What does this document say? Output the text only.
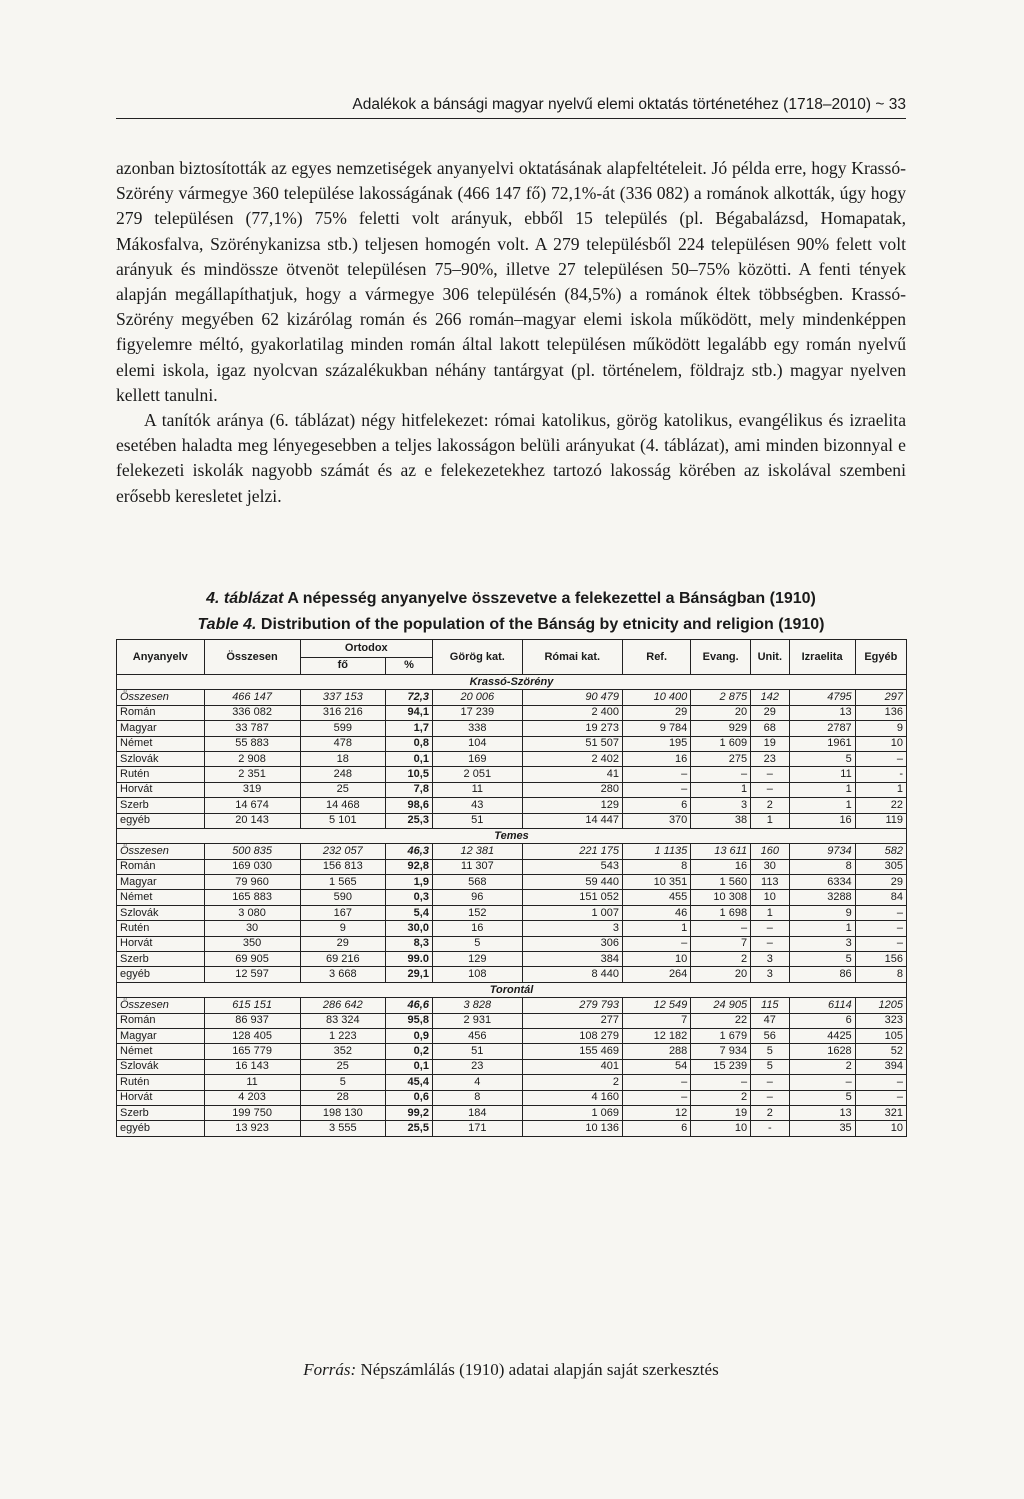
Adalékok a bánsági magyar nyelvű elemi oktatás történetéhez (1718–2010) ~ 33

azonban biztosították az egyes nemzetiségek anyanyelvi oktatásának alapfeltételeit. Jó példa erre, hogy Krassó-Szörény vármegye 360 települése lakosságának (466 147 fő) 72,1%-át (336 082) a románok alkották, úgy hogy 279 településen (77,1%) 75% feletti volt arányuk, ebből 15 település (pl. Bégabalázsd, Homapatak, Mákosfalva, Szörénykanizsa stb.) teljesen homogén volt. A 279 településből 224 településen 90% felett volt arányuk és mindössze ötvenöt településen 75–90%, illetve 27 településen 50–75% közötti. A fenti tények alapján megállapíthatjuk, hogy a vármegye 306 településén (84,5%) a románok éltek többségben. Krassó-Szörény megyében 62 kizárólag román és 266 román–magyar elemi iskola működött, mely mindenképpen figyelemre méltó, gyakorlatilag minden román által lakott településen működött legalább egy román nyelvű elemi iskola, igaz nyolcvan százalékukban néhány tantárgyat (pl. történelem, földrajz stb.) magyar nyelven kellett tanulni.

A tanítók aránya (6. táblázat) négy hitfelekezet: római katolikus, görög katolikus, evangélikus és izraelita esetében haladta meg lényegesebben a teljes lakosságon belüli arányukat (4. táblázat), ami minden bizonnyal e felekezeti iskolák nagyobb számát és az e felekezetekhez tartozó lakosság körében az iskolával szembeni erősebb keresletet jelzi.

4. táblázat A népesség anyanyelve összevetve a felekezettel a Bánságban (1910)
Table 4. Distribution of the population of the Bánság by etnicity and religion (1910)
Anyanyelv	Összesen	Ortodox		Görög kat.	Római kat.	Ref.	Evang.	Unit.	Izraelita	Egyéb
		fő	%							
Krassó-Szörény										
Összesen	466 147	337 153	72,3	20 006	90 479	10 400	2 875	142	4795	297
Román	336 082	316 216	94,1	17 239	2 400	29	20	29	13	136
Magyar	33 787	599	1,7	338	19 273	9 784	929	68	2787	9
Német	55 883	478	0,8	104	51 507	195	1 609	19	1961	10
Szlovák	2 908	18	0,1	169	2 402	16	275	23	5	–
Rutén	2 351	248	10,5	2 051	41	–	–	–	11	-
Horvát	319	25	7,8	11	280	–	1	–	1	1
Szerb	14 674	14 468	98,6	43	129	6	3	2	1	22
egyéb	20 143	5 101	25,3	51	14 447	370	38	1	16	119
Temes										
Összesen	500 835	232 057	46,3	12 381	221 175	1 1135	13 611	160	9734	582
Román	169 030	156 813	92,8	11 307	543	8	16	30	8	305
Magyar	79 960	1 565	1,9	568	59 440	10 351	1 560	113	6334	29
Német	165 883	590	0,3	96	151 052	455	10 308	10	3288	84
Szlovák	3 080	167	5,4	152	1 007	46	1 698	1	9	–
Rutén	30	9	30,0	16	3	1	–	–	1	–
Horvát	350	29	8,3	5	306	–	7	–	3	–
Szerb	69 905	69 216	99.0	129	384	10	2	3	5	156
egyéb	12 597	3 668	29,1	108	8 440	264	20	3	86	8
Torontál										
Összesen	615 151	286 642	46,6	3 828	279 793	12 549	24 905	115	6114	1205
Román	86 937	83 324	95,8	2 931	277	7	22	47	6	323
Magyar	128 405	1 223	0,9	456	108 279	12 182	1 679	56	4425	105
Német	165 779	352	0,2	51	155 469	288	7 934	5	1628	52
Szlovák	16 143	25	0,1	23	401	54	15 239	5	2	394
Rutén	11	5	45,4	4	2	–	–	–	–	–
Horvát	4 203	28	0,6	8	4 160	–	2	–	5	–
Szerb	199 750	198 130	99,2	184	1 069	12	19	2	13	321
egyéb	13 923	3 555	25,5	171	10 136	6	10	-	35	10
Forrás: Népszámlálás (1910) adatai alapján saját szerkesztés
